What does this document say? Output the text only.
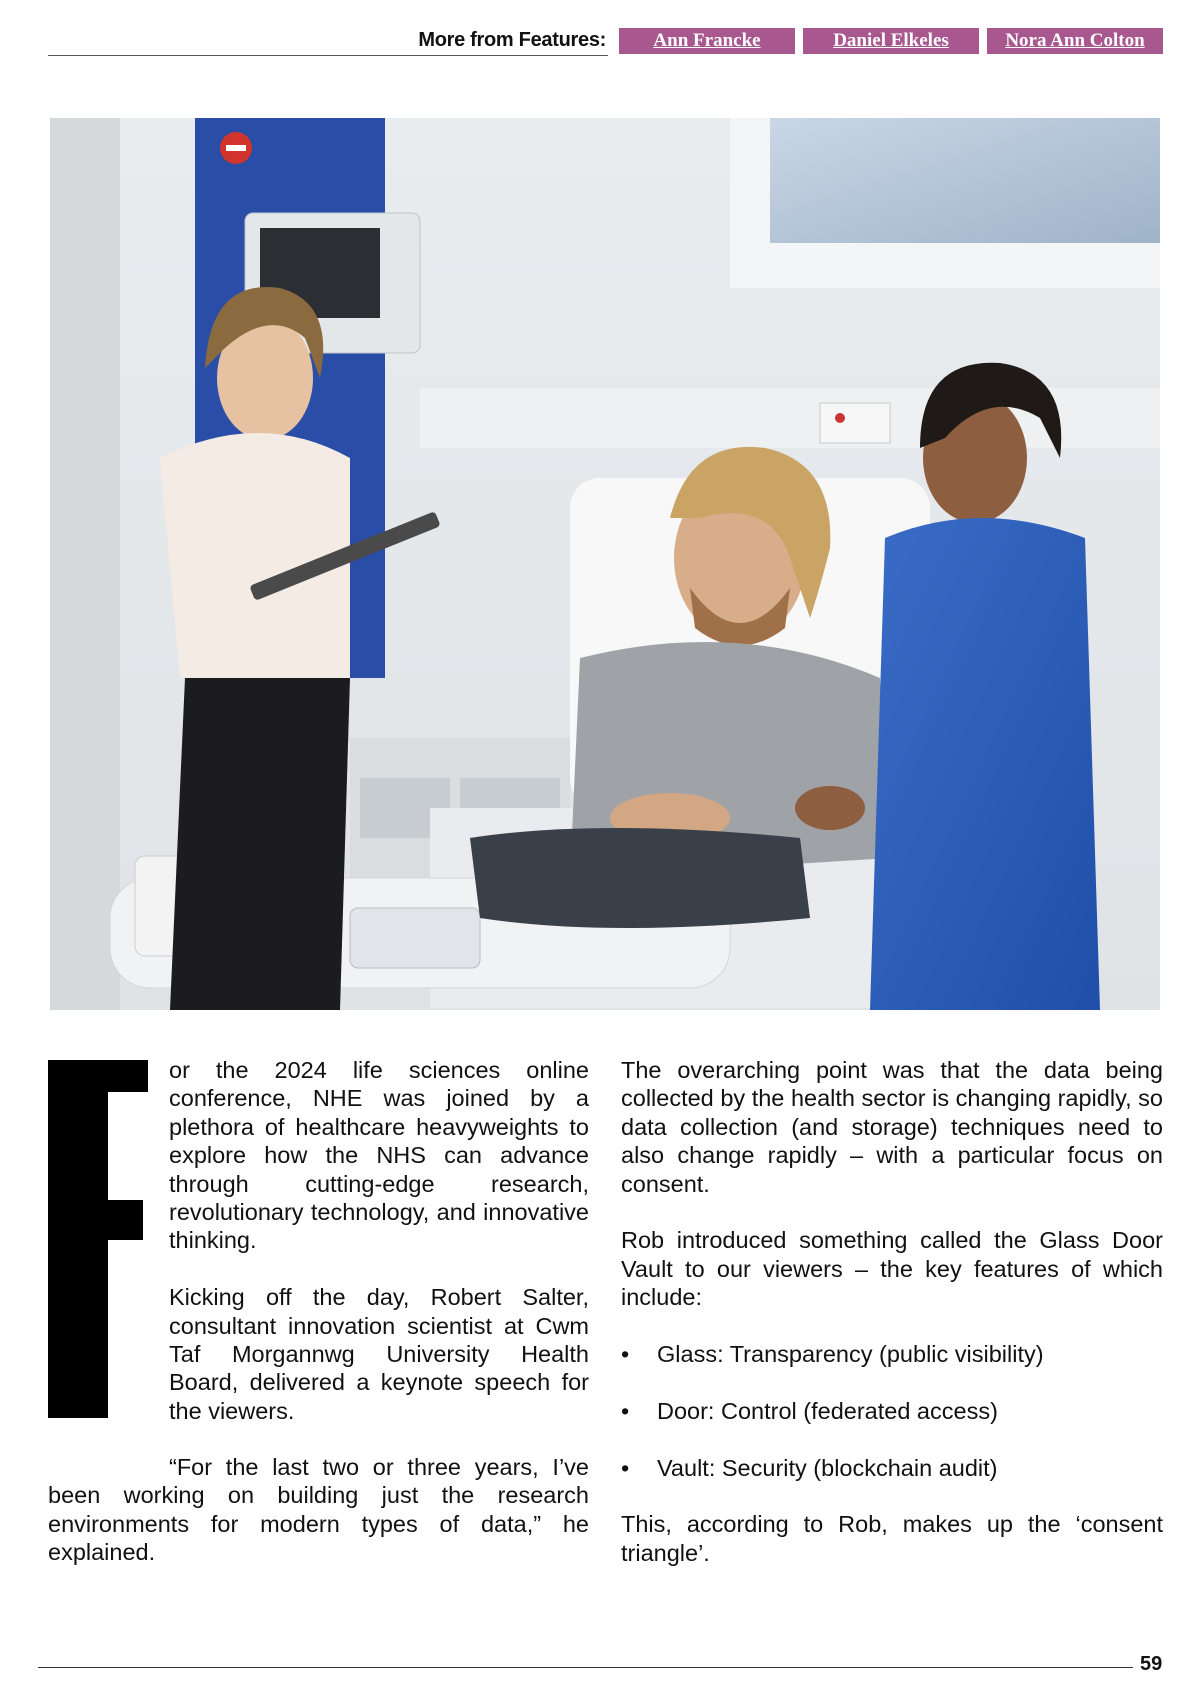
More from Features: Ann Francke	Daniel Elkeles	Nora Ann Colton

or the 2024 life sciences online conference, NHE was joined by a plethora of healthcare heavyweights to explore how the NHS can advance through cutting-edge research, revolutionary technology, and innovative thinking.

Kicking off the day, Robert Salter, consultant innovation scientist at Cwm Taf Morgannwg University Health Board, delivered a keynote speech for the viewers.

“For the last two or three years, I’ve been working on building just the research environments for modern types of data,” he explained.

The overarching point was that the data being collected by the health sector is changing rapidly, so data collection (and storage) techniques need to also change rapidly – with a particular focus on consent.

Rob introduced something called the Glass Door Vault to our viewers – the key features of which include:

•	Glass: Transparency (public visibility)
•	Door: Control (federated access)
•	Vault: Security (blockchain audit)

This, according to Rob, makes up the ‘consent triangle’.

59
